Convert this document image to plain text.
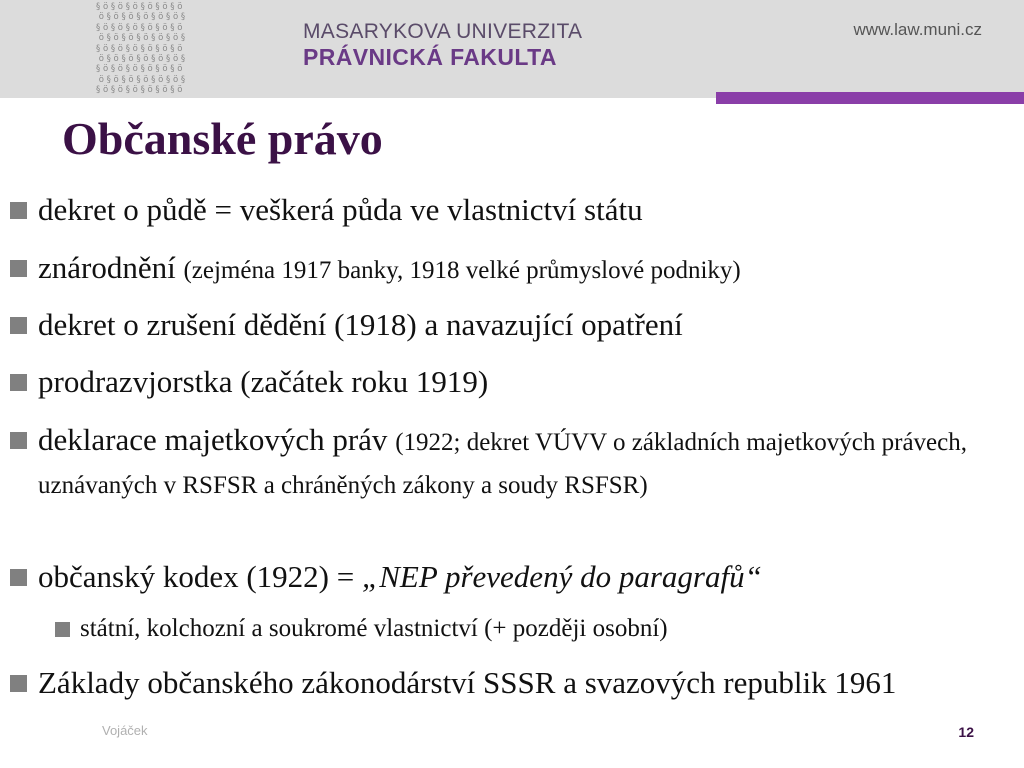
§ ö § ö § ö § ö § ö § ö
ö § ö § ö § ö § ö § ö §
§ ö § ö § ö § ö § ö § ö
ö § ö § ö § ö § ö § ö §
§ ö § ö § ö § ö § ö § ö
ö § ö § ö § ö § ö § ö §
§ ö § ö § ö § ö § ö § ö
ö § ö § ö § ö § ö § ö §
§ ö § ö § ö § ö § ö § ö
MASARYKOVA UNIVERZITA
PRÁVNICKÁ FAKULTA
www.law.muni.cz
Občanské právo
dekret o půdě = veškerá půda ve vlastnictví státu
znárodnění (zejména 1917 banky, 1918 velké průmyslové podniky)
dekret o zrušení dědění (1918) a navazující opatření
prodrazvjorstka (začátek roku 1919)
deklarace majetkových práv (1922; dekret VÚVV o základních majetkových právech, uznávaných v RSFSR a chráněných zákony a soudy RSFSR)
občanský kodex (1922) = „NEP převedený do paragrafů“
státní, kolchozní a soukromé vlastnictví (+ později osobní)
Základy občanského zákonodárství SSSR a svazových republik 1961
Vojáček	12
